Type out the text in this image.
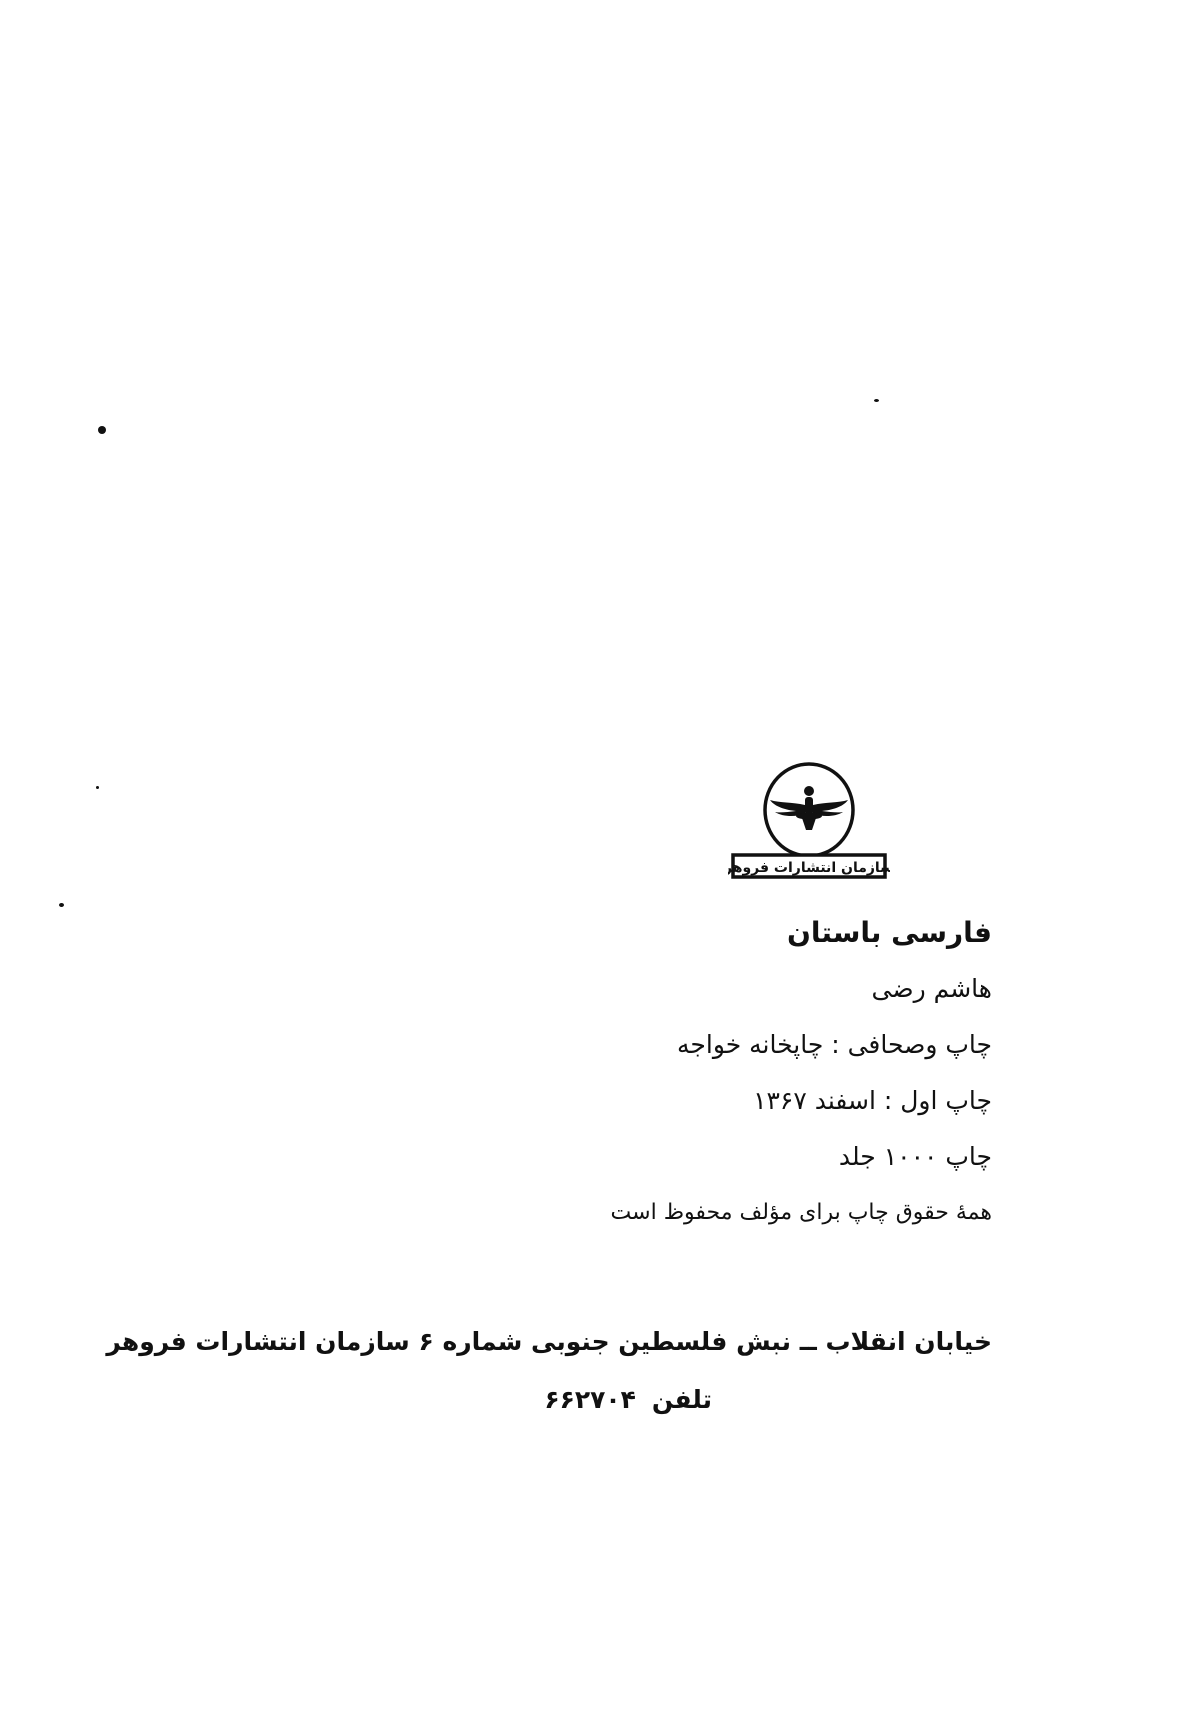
سازمان انتشارات فروهر
فارسی باستان
هاشم رضی
چاپ وصحافی : چاپخانه خواجه
چاپ اول : اسفند ۱۳۶۷
چاپ ۱۰۰۰ جلد
همهٔ حقوق چاپ برای مؤلف محفوظ است
خیابان انقلاب ــ نبش فلسطین جنوبی شماره ۶ سازمان انتشارات فروهر
تلفن۶۶۲۷۰۴
